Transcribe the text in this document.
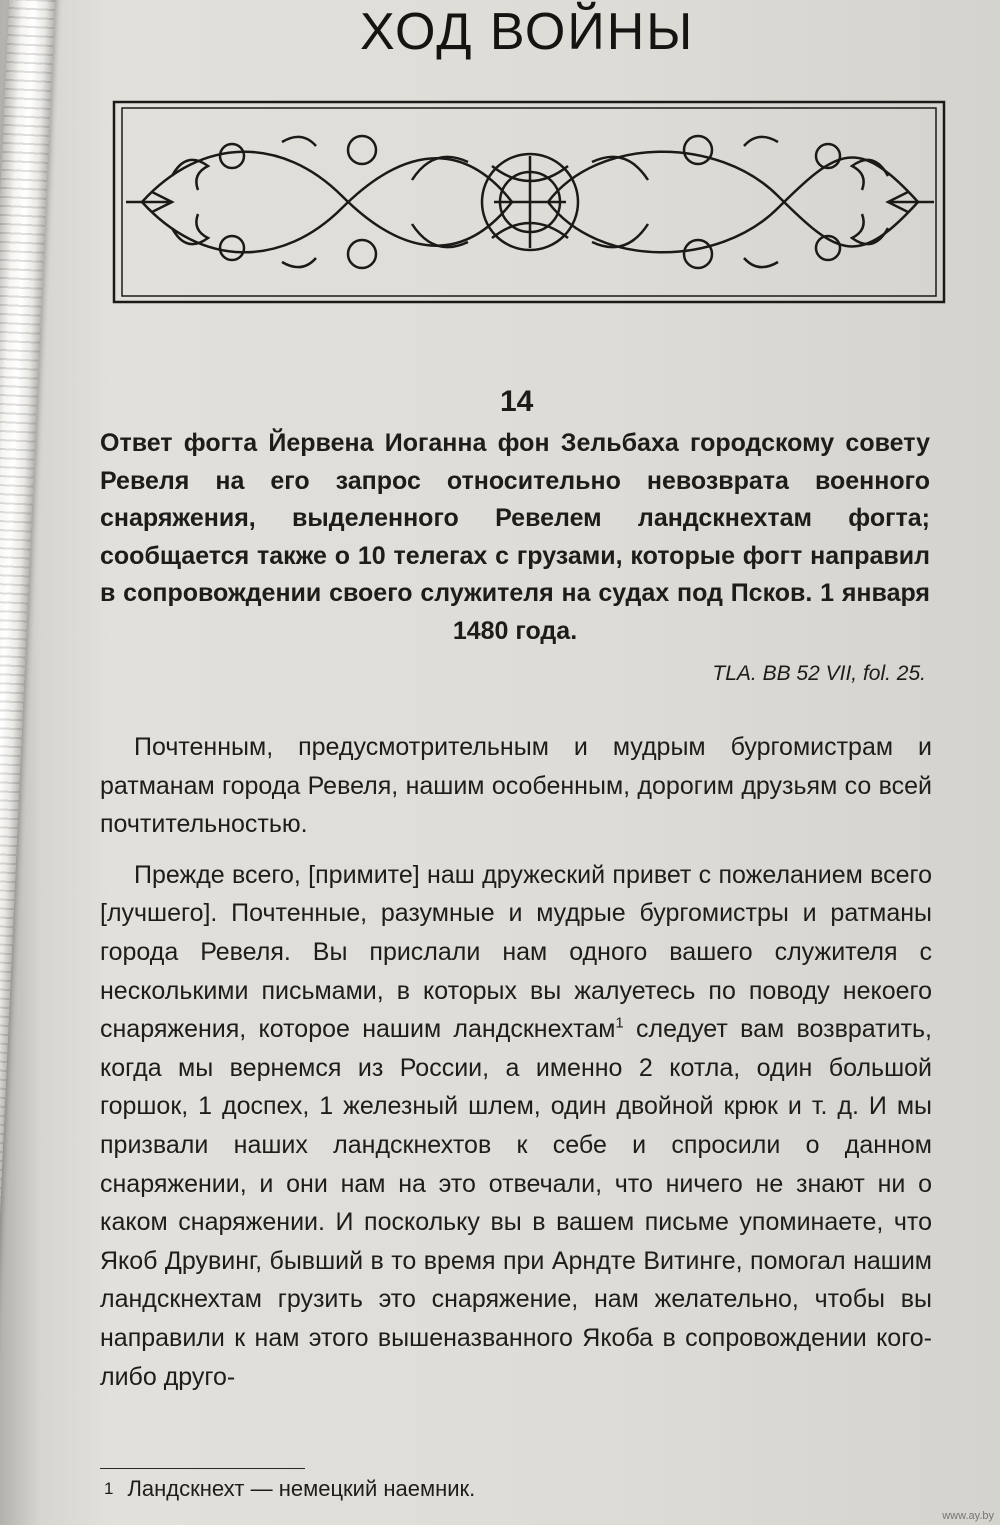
ХОД ВОЙНЫ
14
Ответ фогта Йервена Иоганна фон Зельбаха городскому совету Ревеля на его запрос относительно невозврата военного снаряжения, выделенного Ревелем ландскнехтам фогта; сообщается также о 10 телегах с грузами, которые фогт направил в сопровождении своего служителя на судах под Псков. 1 января 1480 года.
TLA. BB 52 VII, fol. 25.

Почтенным, предусмотрительным и мудрым бургомистрам и ратманам города Ревеля, нашим особенным, дорогим друзьям со всей почтительностью.

Прежде всего, [примите] наш дружеский привет с пожеланием всего [лучшего]. Почтенные, разумные и мудрые бургомистры и ратманы города Ревеля. Вы прислали нам одного вашего служителя с несколькими письмами, в которых вы жалуетесь по поводу некоего снаряжения, которое нашим ландскнехтам$^1$ следует вам возвратить, когда мы вернемся из России, а именно 2 котла, один большой горшок, 1 доспех, 1 железный шлем, один двойной крюк и т. д. И мы призвали наших ландскнехтов к себе и спросили о данном снаряжении, и они нам на это отвечали, что ничего не знают ни о каком снаряжении. И поскольку вы в вашем письме упоминаете, что Якоб Друвинг, бывший в то время при Арндте Витинге, помогал нашим ландскнехтам грузить это снаряжение, нам желательно, чтобы вы направили к нам этого вышеназванного Якоба в сопровождении кого-либо друго-

1 Ландскнехт — немецкий наемник.
www.ay.by
